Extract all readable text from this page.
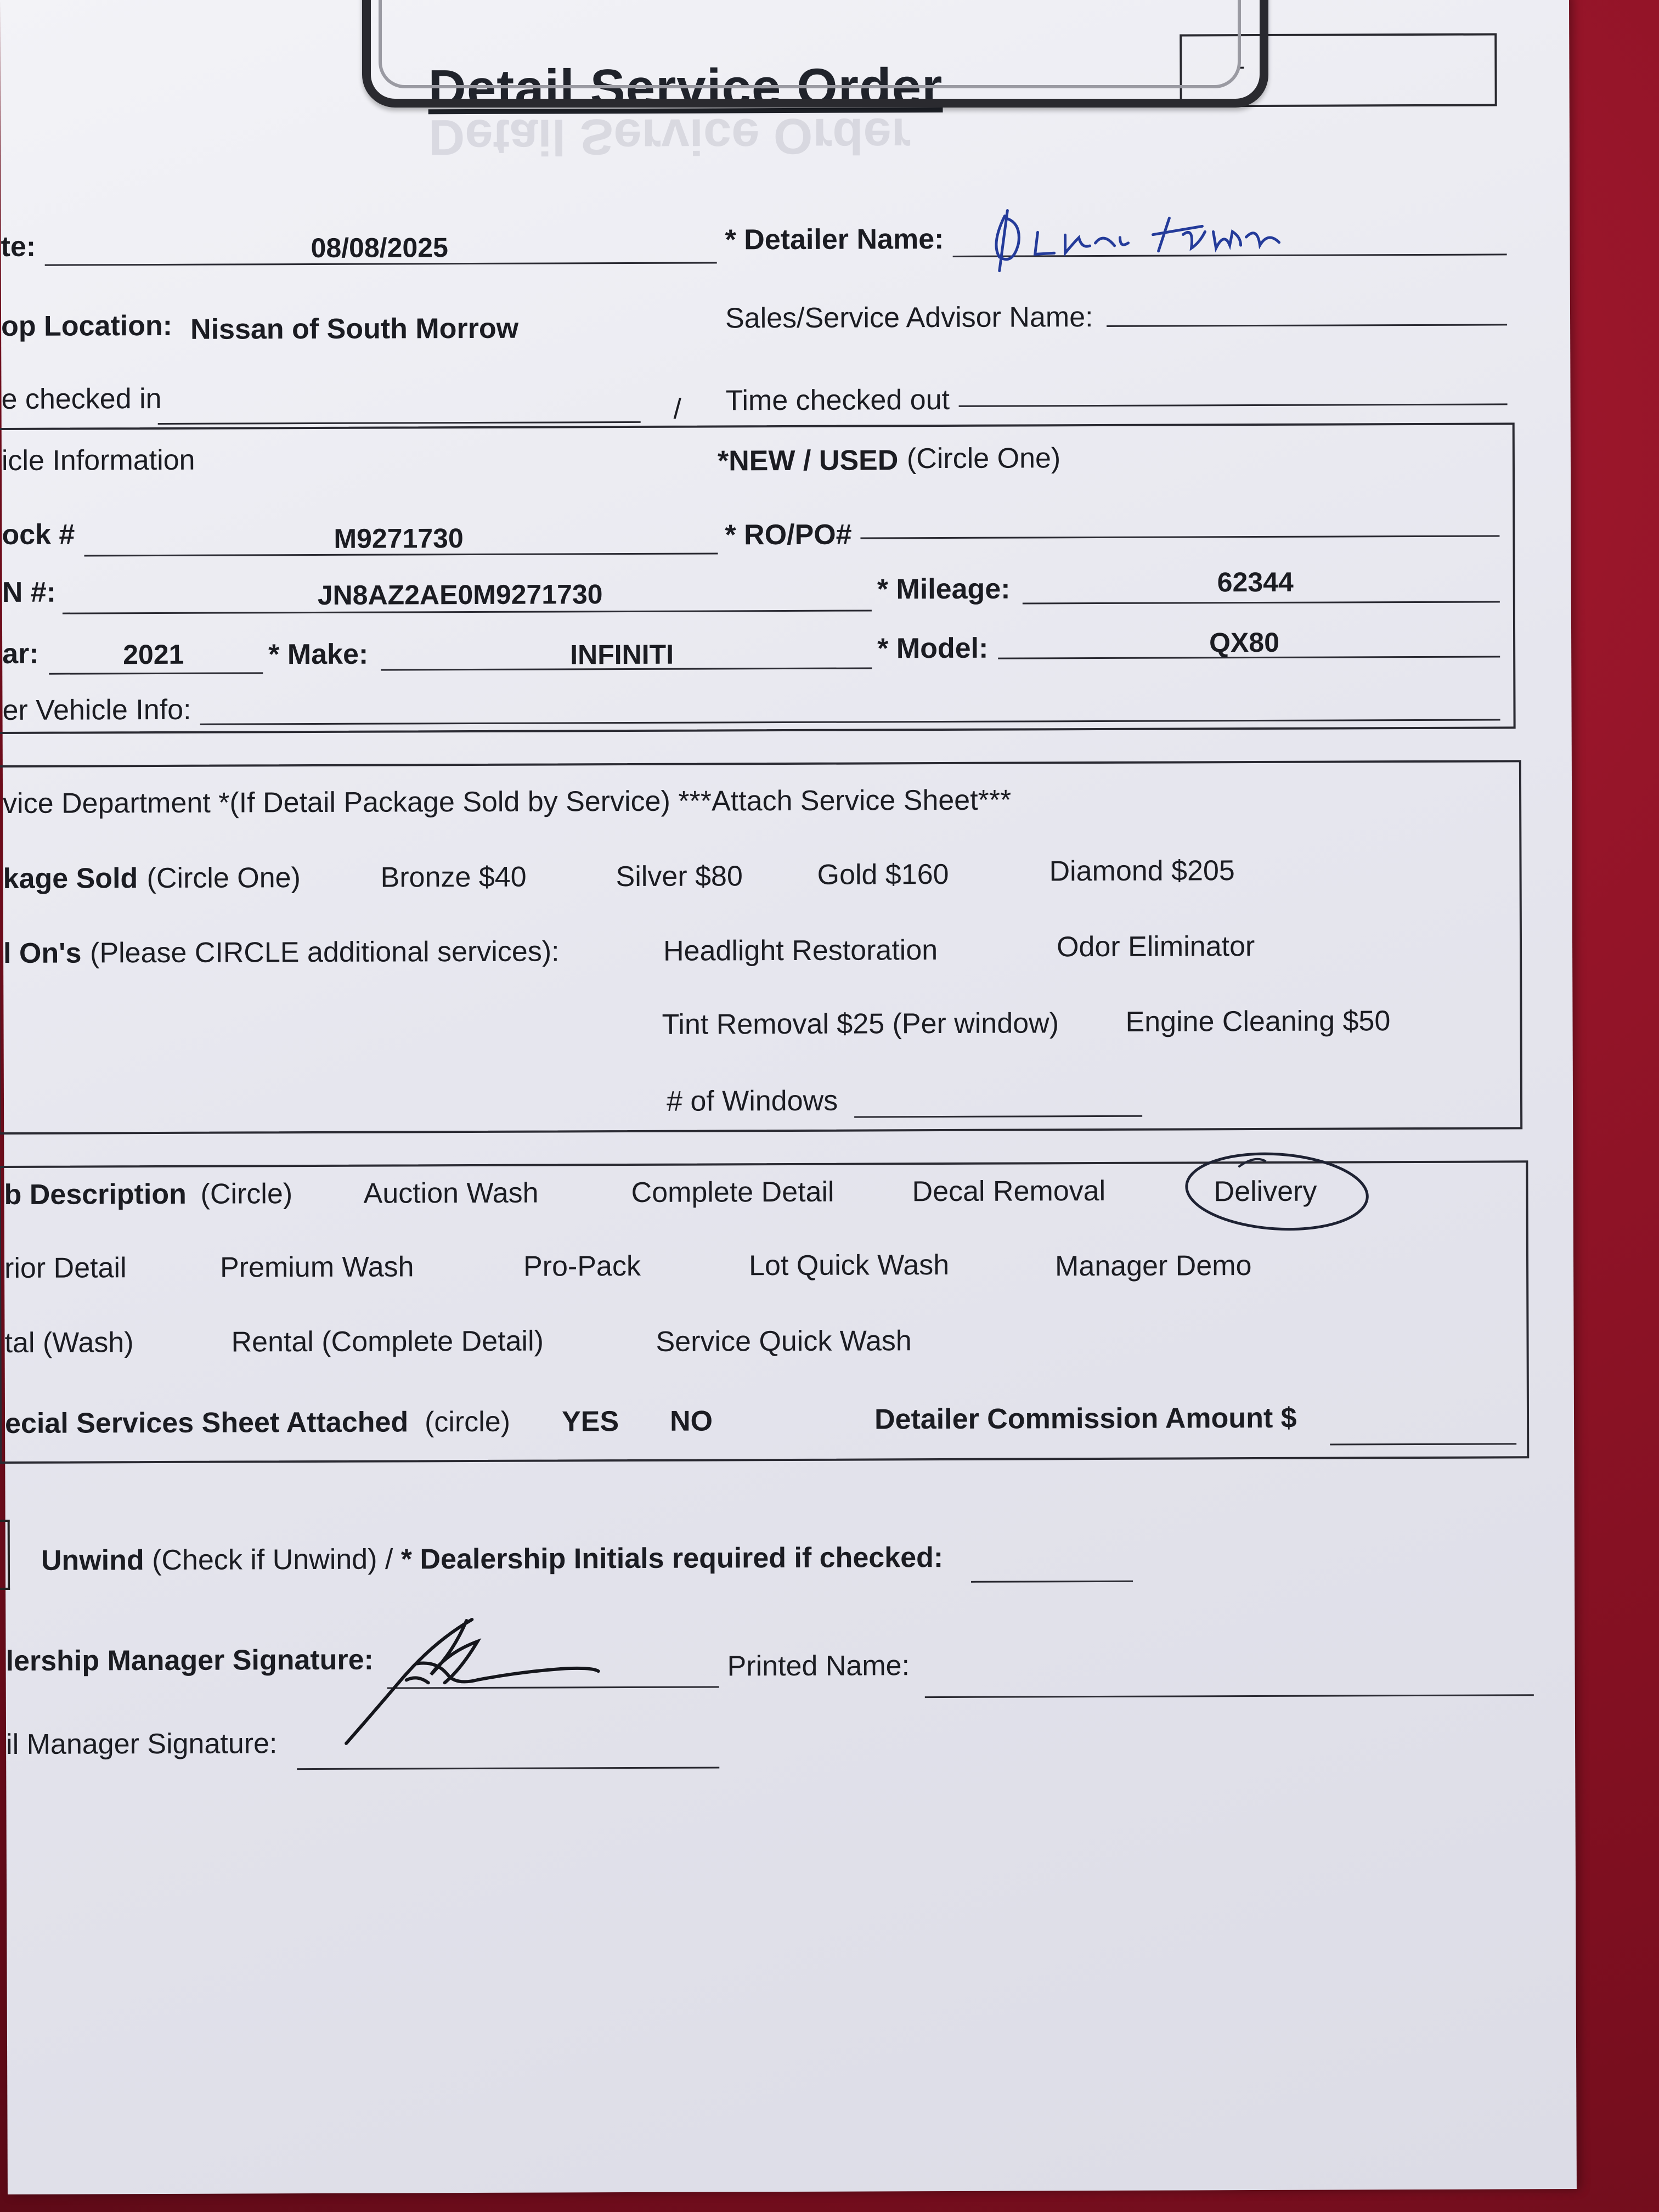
Detail Service Order
Detail Service Order	-
te:	08/08/2025	* Detailer Name:
op Location: Nissan of South Morrow	Sales/Service Advisor Name:
e checked in	/ Time checked out
icle Information	*NEW / USED (Circle One)
ock #	M9271730	* RO/PO#
N #:	JN8AZ2AE0M9271730	* Mileage:	62344
ar:	2021	* Make:	INFINITI	* Model:	QX80
er Vehicle Info:
vice Department *(If Detail Package Sold by Service) ***Attach Service Sheet***
kage Sold (Circle One)	Bronze $40	Silver $80	Gold $160	Diamond $205
l On's (Please CIRCLE additional services):	Headlight Restoration	Odor Eliminator
Tint Removal $25 (Per window) Engine Cleaning $50
# of Windows
b Description (Circle) Auction Wash	Complete Detail	Decal Removal	Delivery
rior Detail	Premium Wash	Pro-Pack	Lot Quick Wash	Manager Demo
tal (Wash)	Rental (Complete Detail)	Service Quick Wash
ecial Services Sheet Attached (circle) YES NO	Detailer Commission Amount $
Unwind (Check if Unwind) / * Dealership Initials required if checked:
lership Manager Signature:	Printed Name:
il Manager Signature:
